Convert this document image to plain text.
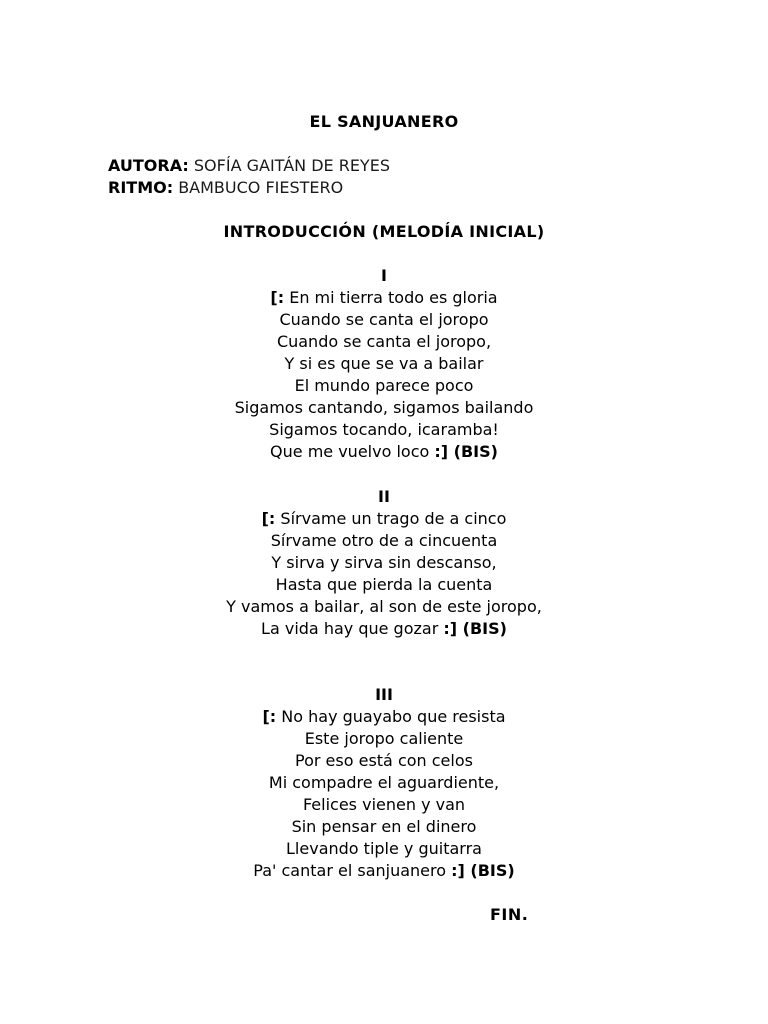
EL SANJUANERO
AUTORA: SOFÍA GAITÁN DE REYES
RITMO: BAMBUCO FIESTERO
INTRODUCCIÓN (MELODÍA INICIAL)
I
[: En mi tierra todo es gloria
Cuando se canta el joropo
Cuando se canta el joropo,
Y si es que se va a bailar
El mundo parece poco
Sigamos cantando, sigamos bailando
Sigamos tocando, icaramba!
Que me vuelvo loco :] (BIS)
II
[: Sírvame un trago de a cinco
Sírvame otro de a cincuenta
Y sirva y sirva sin descanso,
Hasta que pierda la cuenta
Y vamos a bailar, al son de este joropo,
La vida hay que gozar :] (BIS)
III
[: No hay guayabo que resista
Este joropo caliente
Por eso está con celos
Mi compadre el aguardiente,
Felices vienen y van
Sin pensar en el dinero
Llevando tiple y guitarra
Pa' cantar el sanjuanero :] (BIS)
FIN.
